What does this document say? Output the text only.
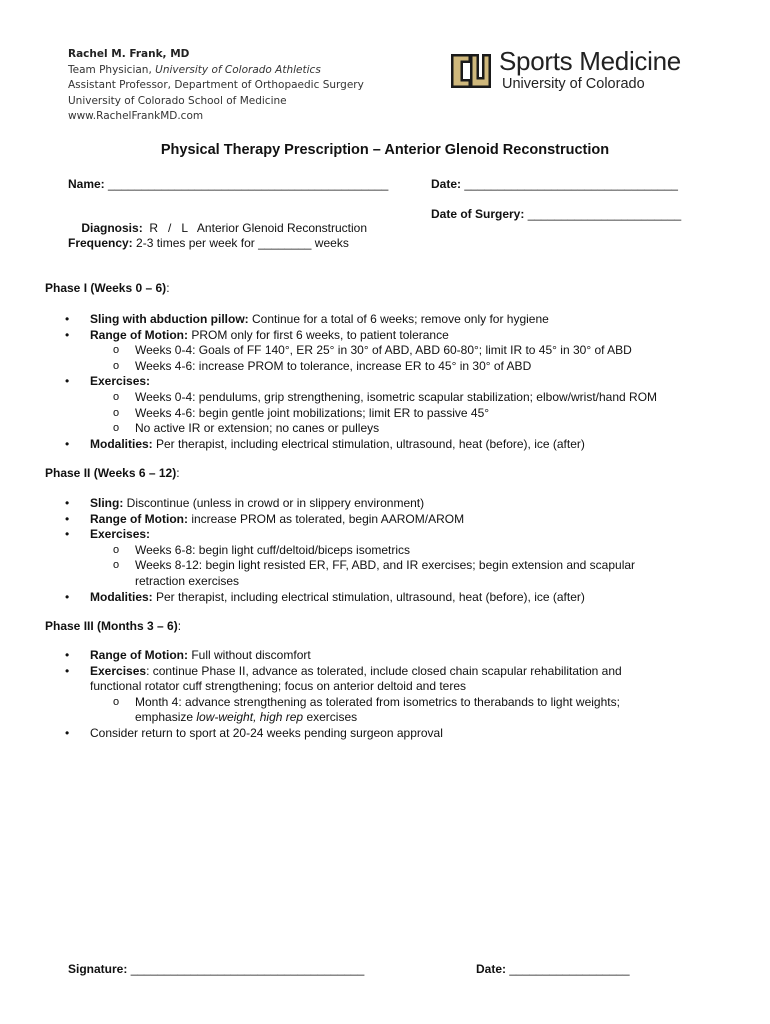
Rachel M. Frank, MD
Team Physician, University of Colorado Athletics
Assistant Professor, Department of Orthopaedic Surgery
University of Colorado School of Medicine
www.RachelFrankMD.com
Sports Medicine
University of Colorado
Physical Therapy Prescription – Anterior Glenoid Reconstruction
Name: __________________________________________	Date: ________________________________

Diagnosis: R   /   L   Anterior Glenoid Reconstruction

Date of Surgery: _______________________
Frequency: 2-3 times per week for ________ weeks
Phase I (Weeks 0 – 6):
• Sling with abduction pillow: Continue for a total of 6 weeks; remove only for hygiene
• Range of Motion: PROM only for first 6 weeks, to patient tolerance
o Weeks 0-4: Goals of FF 140°, ER 25° in 30° of ABD, ABD 60-80°; limit IR to 45° in 30° of ABD
o Weeks 4-6: increase PROM to tolerance, increase ER to 45° in 30° of ABD
• Exercises:
o Weeks 0-4: pendulums, grip strengthening, isometric scapular stabilization; elbow/wrist/hand ROM
o Weeks 4-6: begin gentle joint mobilizations; limit ER to passive 45°
o No active IR or extension; no canes or pulleys
• Modalities: Per therapist, including electrical stimulation, ultrasound, heat (before), ice (after)
Phase II (Weeks 6 – 12):
• Sling: Discontinue (unless in crowd or in slippery environment)
• Range of Motion: increase PROM as tolerated, begin AAROM/AROM
• Exercises:
o Weeks 6-8: begin light cuff/deltoid/biceps isometrics
o Weeks 8-12: begin light resisted ER, FF, ABD, and IR exercises; begin extension and scapular retraction exercises
• Modalities: Per therapist, including electrical stimulation, ultrasound, heat (before), ice (after)
Phase III (Months 3 – 6):
• Range of Motion: Full without discomfort
• Exercises: continue Phase II, advance as tolerated, include closed chain scapular rehabilitation and functional rotator cuff strengthening; focus on anterior deltoid and teres
o Month 4: advance strengthening as tolerated from isometrics to therabands to light weights; emphasize low-weight, high rep exercises
• Consider return to sport at 20-24 weeks pending surgeon approval
Signature: ___________________________________	Date: __________________
